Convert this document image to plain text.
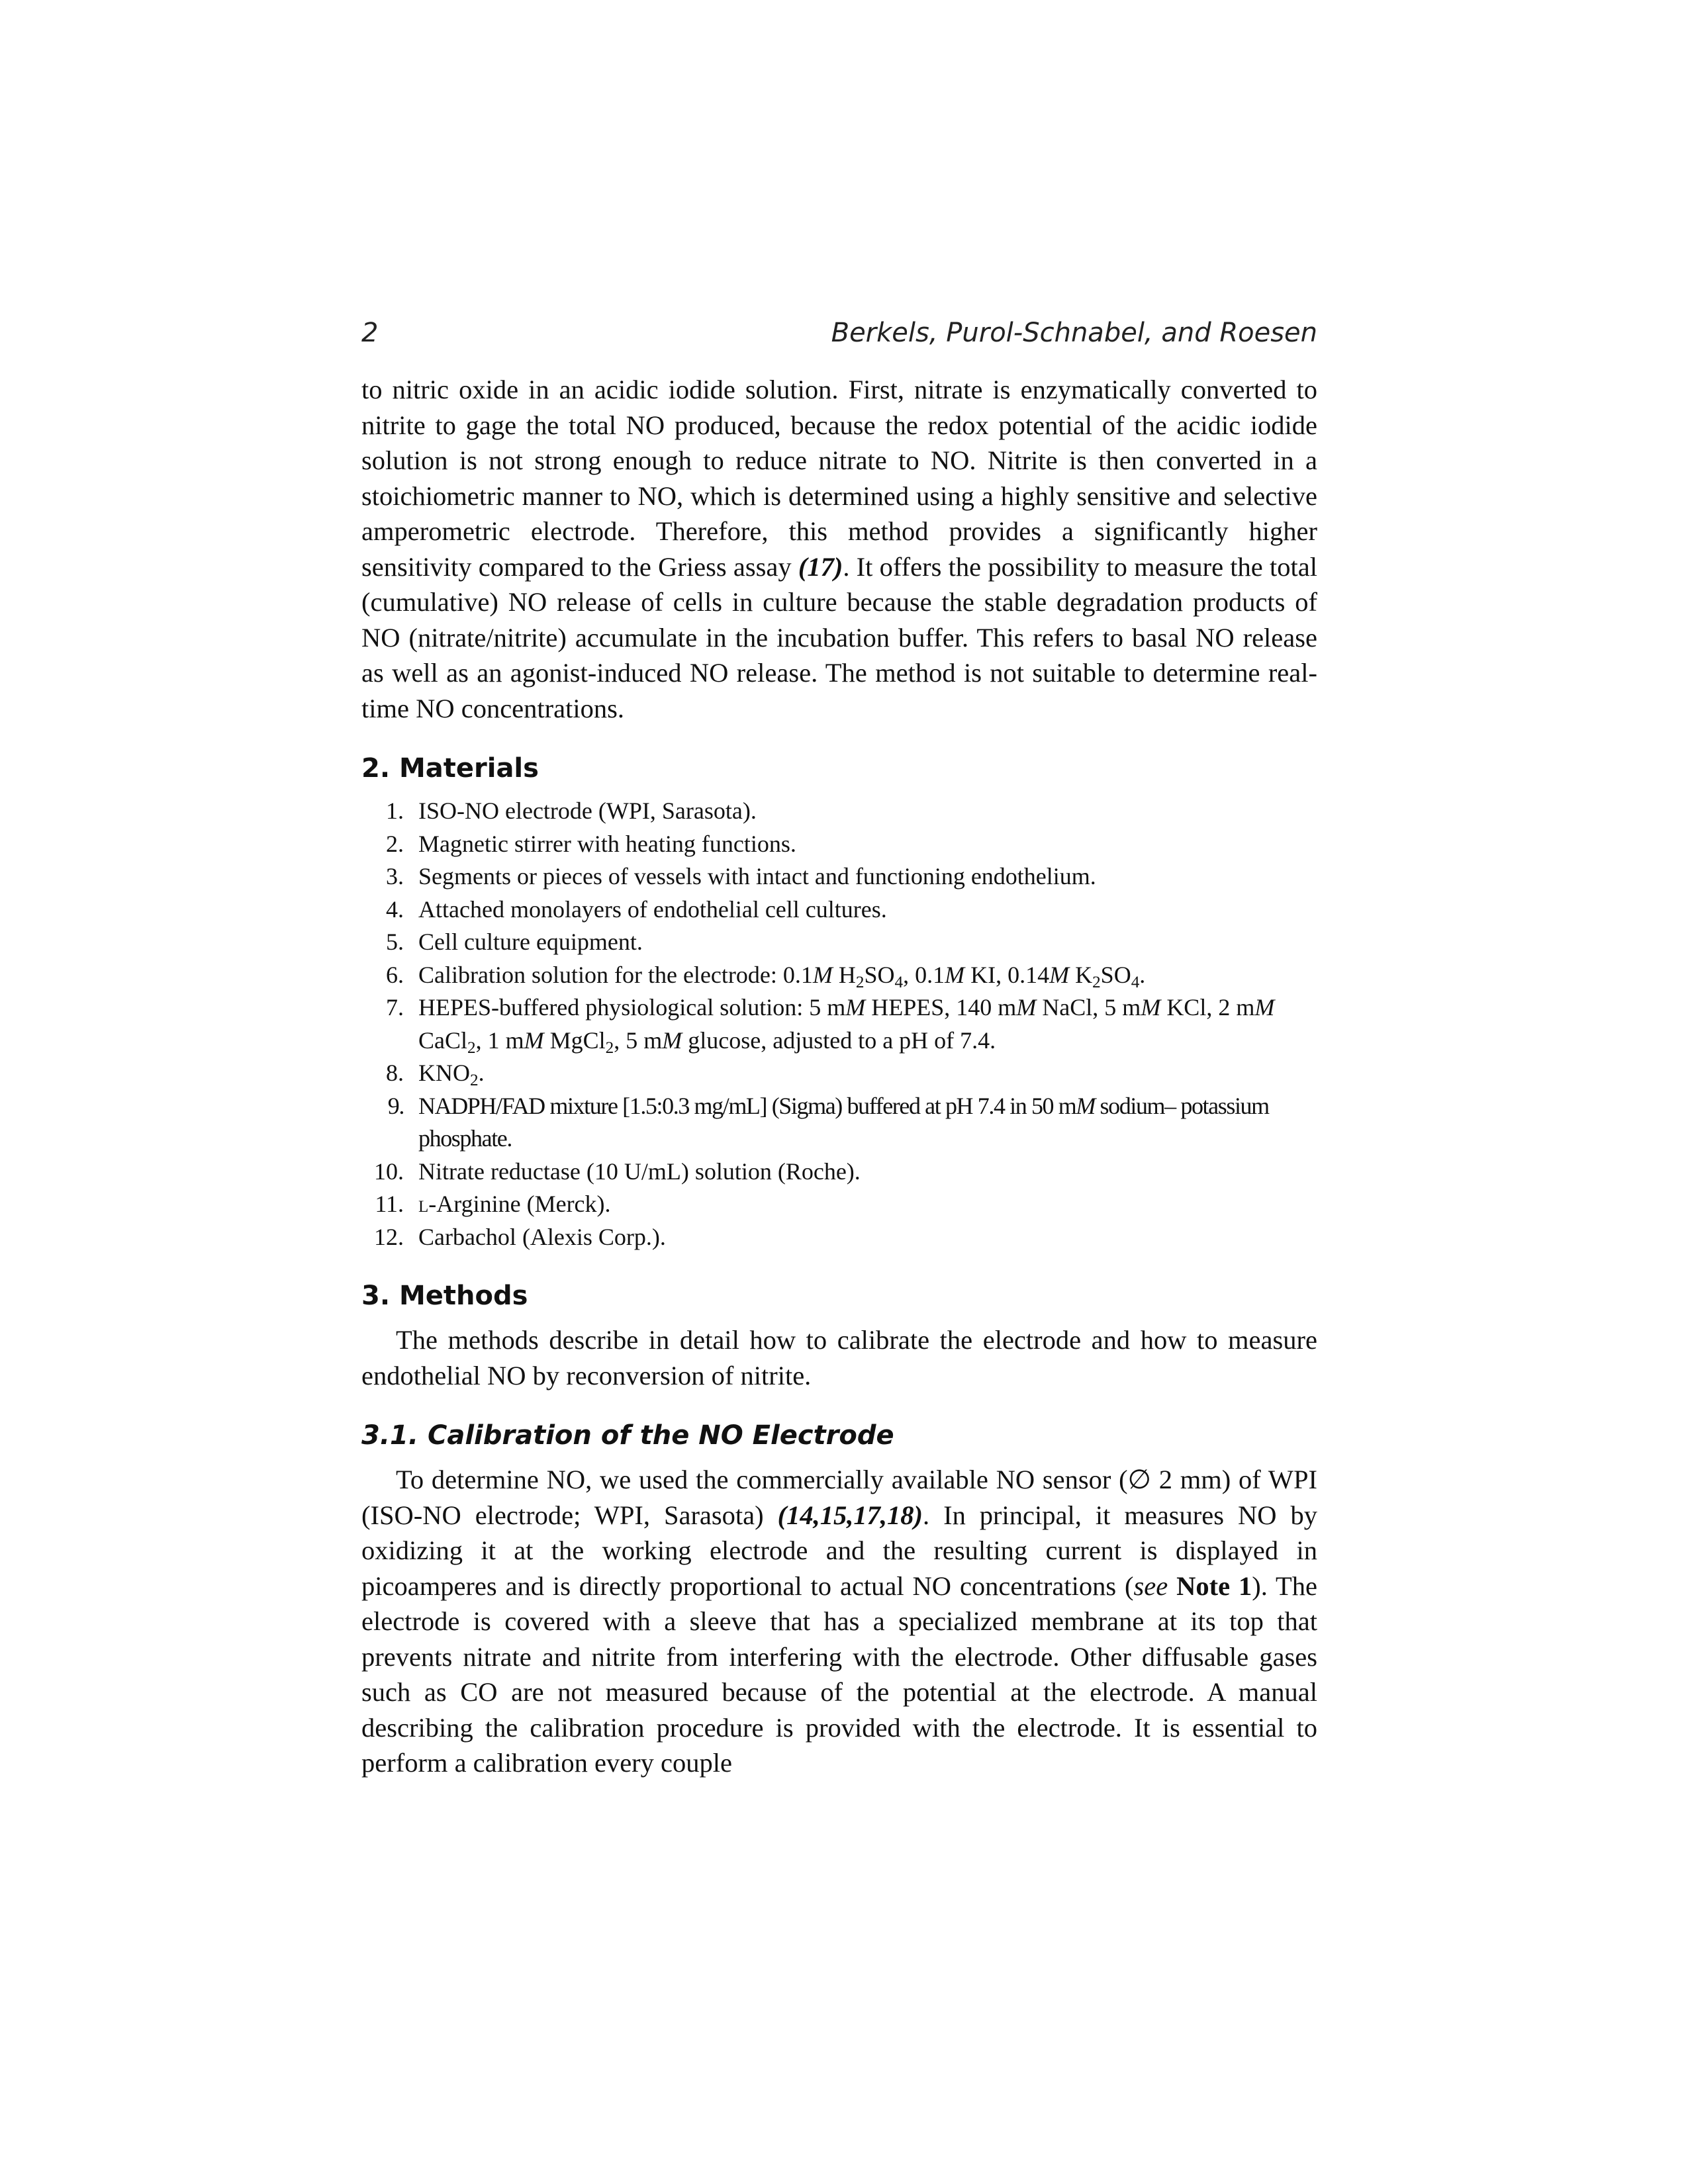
2	Berkels, Purol-Schnabel, and Roesen

to nitric oxide in an acidic iodide solution. First, nitrate is enzymatically converted to nitrite to gage the total NO produced, because the redox potential of the acidic iodide solution is not strong enough to reduce nitrate to NO. Nitrite is then converted in a stoichiometric manner to NO, which is determined using a highly sensitive and selective amperometric electrode. Therefore, this method provides a significantly higher sensitivity compared to the Griess assay (17). It offers the possibility to measure the total (cumulative) NO release of cells in culture because the stable degradation products of NO (nitrate/nitrite) accumulate in the incubation buffer. This refers to basal NO release as well as an agonist-induced NO release. The method is not suitable to determine real-time NO concentrations.

2. Materials
1. ISO-NO electrode (WPI, Sarasota).
2. Magnetic stirrer with heating functions.
3. Segments or pieces of vessels with intact and functioning endothelium.
4. Attached monolayers of endothelial cell cultures.
5. Cell culture equipment.
6. Calibration solution for the electrode: 0.1M $H_2SO_4$, 0.1M KI, 0.14M $K_2SO_4$.
7. HEPES-buffered physiological solution: 5 mM HEPES, 140 mM NaCl, 5 mM KCl, 2 mM CaCl$_2$, 1 mM MgCl$_2$, 5 mM glucose, adjusted to a pH of 7.4.
8. $KNO_2$.
9. NADPH/FAD mixture [1.5:0.3 mg/mL] (Sigma) buffered at pH 7.4 in 50 mM sodium– potassium phosphate.
10. Nitrate reductase (10 U/mL) solution (Roche).
11. l-Arginine (Merck).
12. Carbachol (Alexis Corp.).
3. Methods

The methods describe in detail how to calibrate the electrode and how to measure endothelial NO by reconversion of nitrite.

3.1. Calibration of the NO Electrode

To determine NO, we used the commercially available NO sensor (∅ 2 mm) of WPI (ISO-NO electrode; WPI, Sarasota) (14,15,17,18). In principal, it measures NO by oxidizing it at the working electrode and the resulting current is displayed in picoamperes and is directly proportional to actual NO concentrations (see Note 1). The electrode is covered with a sleeve that has a specialized membrane at its top that prevents nitrate and nitrite from interfering with the electrode. Other diffusable gases such as CO are not measured because of the potential at the electrode. A manual describing the calibration procedure is provided with the electrode. It is essential to perform a calibration every couple
